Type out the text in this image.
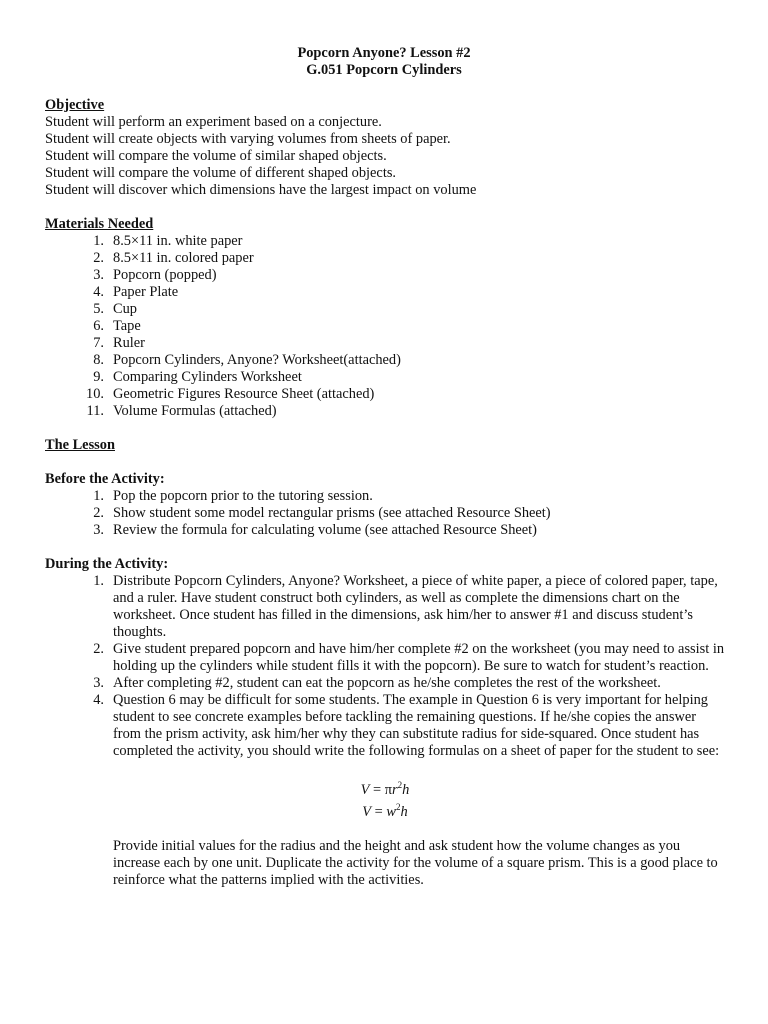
Popcorn Anyone? Lesson #2
G.051 Popcorn Cylinders
Objective
Student will perform an experiment based on a conjecture.
Student will create objects with varying volumes from sheets of paper.
Student will compare the volume of similar shaped objects.
Student will compare the volume of different shaped objects.
Student will discover which dimensions have the largest impact on volume
Materials Needed
1. 8.5×11 in. white paper
2. 8.5×11 in. colored paper
3. Popcorn (popped)
4. Paper Plate
5. Cup
6. Tape
7. Ruler
8. Popcorn Cylinders, Anyone? Worksheet(attached)
9. Comparing Cylinders Worksheet
10. Geometric Figures Resource Sheet (attached)
11. Volume Formulas (attached)
The Lesson
Before the Activity:
1. Pop the popcorn prior to the tutoring session.
2. Show student some model rectangular prisms (see attached Resource Sheet)
3. Review the formula for calculating volume (see attached Resource Sheet)
During the Activity:
1. Distribute Popcorn Cylinders, Anyone? Worksheet, a piece of white paper, a piece of colored paper, tape, and a ruler. Have student construct both cylinders, as well as complete the dimensions chart on the worksheet. Once student has filled in the dimensions, ask him/her to answer #1 and discuss student’s thoughts.
2. Give student prepared popcorn and have him/her complete #2 on the worksheet (you may need to assist in holding up the cylinders while student fills it with the popcorn). Be sure to watch for student’s reaction.
3. After completing #2, student can eat the popcorn as he/she completes the rest of the worksheet.
4. Question 6 may be difficult for some students. The example in Question 6 is very important for helping student to see concrete examples before tackling the remaining questions. If he/she copies the answer from the prism activity, ask him/her why they can substitute radius for side-squared. Once student has completed the activity, you should write the following formulas on a sheet of paper for the student to see:
$V = \pi r^2h$
$V = w^2h$
Provide initial values for the radius and the height and ask student how the volume changes as you increase each by one unit. Duplicate the activity for the volume of a square prism. This is a good place to reinforce what the patterns implied with the activities.
